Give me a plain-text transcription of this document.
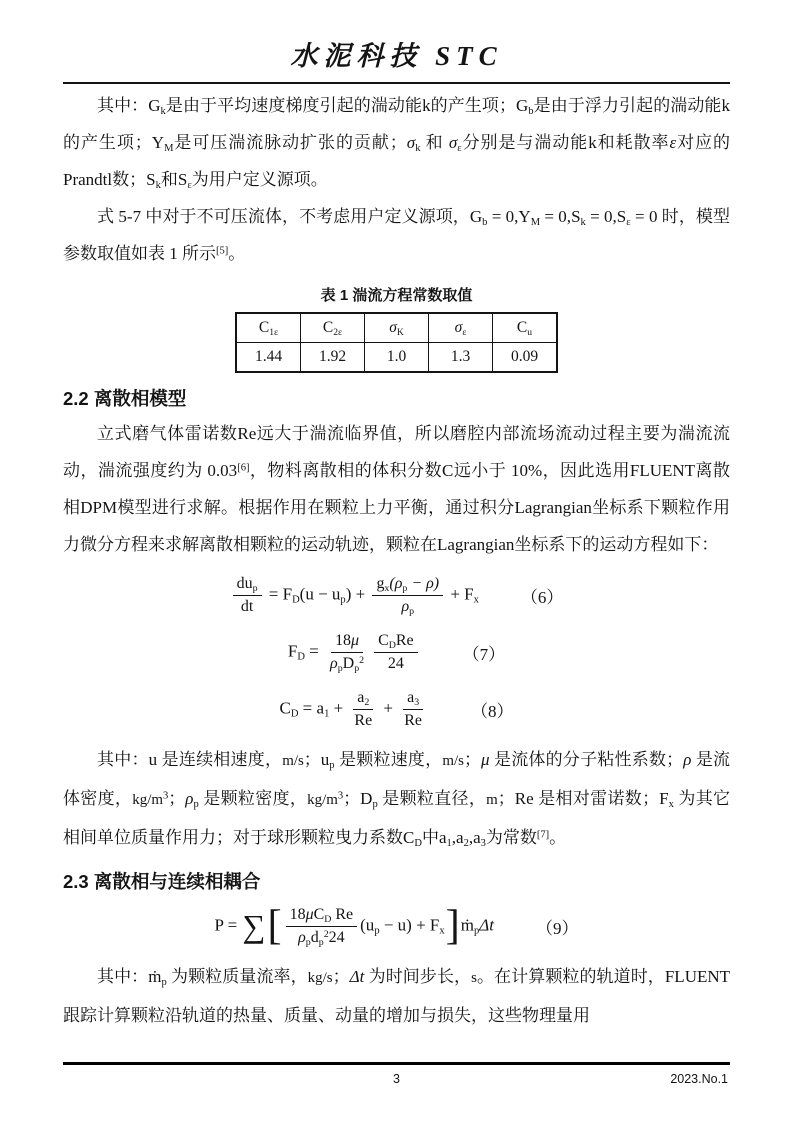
水泥科技 STC

其中：$G_k$是由于平均速度梯度引起的湍动能k的产生项；$G_b$是由于浮力引起的湍动能k的产生项；$Y_M$是可压湍流脉动扩张的贡献；$\sigma_k$ 和 $\sigma_\varepsilon$分别是与湍动能k和耗散率ε对应的Prandtl数；$S_k$和$S_\varepsilon$为用户定义源项。

式 5-7 中对于不可压流体，不考虑用户定义源项，$G_b = 0,Y_M = 0,S_k = 0,S_\varepsilon = 0$ 时，模型参数取值如表 1 所示[5]。

表 1 湍流方程常数取值
$C_{1\varepsilon}$	$C_{2\varepsilon}$	$\sigma_K$	$\sigma_\varepsilon$	$C_u$
1.44	1.92	1.0	1.3	0.09
2.2 离散相模型

立式磨气体雷诺数Re远大于湍流临界值，所以磨腔内部流场流动过程主要为湍流流动，湍流强度约为 0.03[6]，物料离散相的体积分数C远小于 10%，因此选用FLUENT离散相DPM模型进行求解。根据作用在颗粒上力平衡，通过积分Lagrangian坐标系下颗粒作用力微分方程来求解离散相颗粒的运动轨迹，颗粒在Lagrangian坐标系下的运动方程如下：

$\frac{du_p}{dt} = F_D(u - u_p) + \frac{g_x(\rho_p - \rho)}{\rho_p} + F_x$ （6）
$F_D = \frac{18\mu}{\rho_pD_p^2} \frac{C_DRe}{24}$	（7）
$C_D = a_1 + \frac{a_2}{Re} + \frac{a_3}{Re}$	（8）

其中：u 是连续相速度，m/s；$u_p$ 是颗粒速度，m/s；μ 是流体的分子粘性系数；ρ 是流体密度，$kg/m^3$；$\rho_p$ 是颗粒密度，$kg/m^3$；$D_p$ 是颗粒直径，m；Re 是相对雷诺数；$F_x$ 为其它相间单位质量作用力；对于球形颗粒曳力系数$C_D$中$a_1,a_2,a_3$为常数[7]。

2.3 离散相与连续相耦合
P = ∑[ $\frac{18\mu C_D Re}{\rho_pd_p^224} (u_p - u)$ + $F_x]ṁ_p\Delta t$ （9）

其中：ṁ$_p$ 为颗粒质量流率，kg/s；Δt 为时间步长，s。在计算颗粒的轨道时，FLUENT跟踪计算颗粒沿轨道的热量、质量、动量的增加与损失，这些物理量用

3	2023.No.1
